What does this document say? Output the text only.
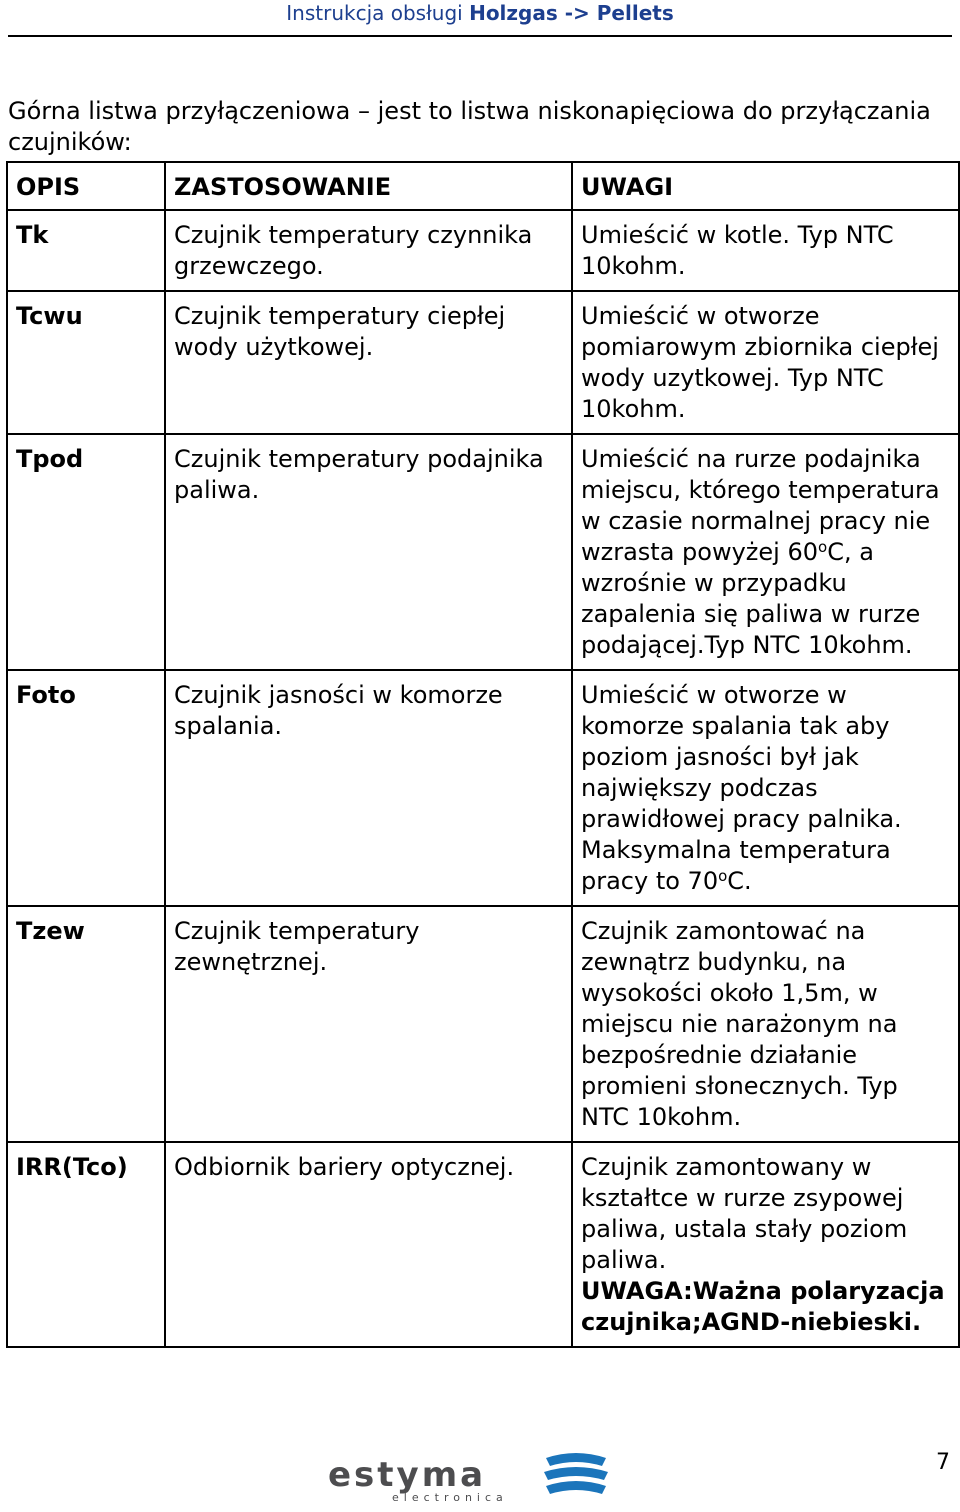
Instrukcja obsługi Holzgas -> Pellets

Górna listwa przyłączeniowa – jest to listwa niskonapięciowa do przyłączania czujników:

OPIS	ZASTOSOWANIE	UWAGI
Tk	Czujnik temperatury czynnika grzewczego.	Umieścić w kotle. Typ NTC 10kohm.
Tcwu	Czujnik temperatury ciepłej wody użytkowej.	Umieścić w otworze pomiarowym zbiornika ciepłej wody uzytkowej. Typ NTC 10kohm.
Tpod	Czujnik temperatury podajnika paliwa.	Umieścić na rurze podajnika miejscu, którego temperatura w czasie normalnej pracy nie wzrasta powyżej 60$^o$C, a wzrośnie w przypadku zapalenia się paliwa w rurze podającej.Typ NTC 10kohm.
Foto	Czujnik jasności w komorze spalania.	Umieścić w otworze w komorze spalania tak aby poziom jasności był jak największy podczas prawidłowej pracy palnika. Maksymalna temperatura pracy to 70$^o$C.
Tzew	Czujnik temperatury zewnętrznej.	Czujnik zamontować na zewnątrz budynku, na wysokości około 1,5m, w miejscu nie narażonym na bezpośrednie działanie promieni słonecznych. Typ NTC 10kohm.
IRR(Tco)	Odbiornik bariery optycznej.	Czujnik zamontowany w kształtce w rurze zsypowej paliwa, ustala stały poziom paliwa.
UWAGA:Ważna polaryzacja czujnika;AGND-niebieski.
estyma
electronica
7
